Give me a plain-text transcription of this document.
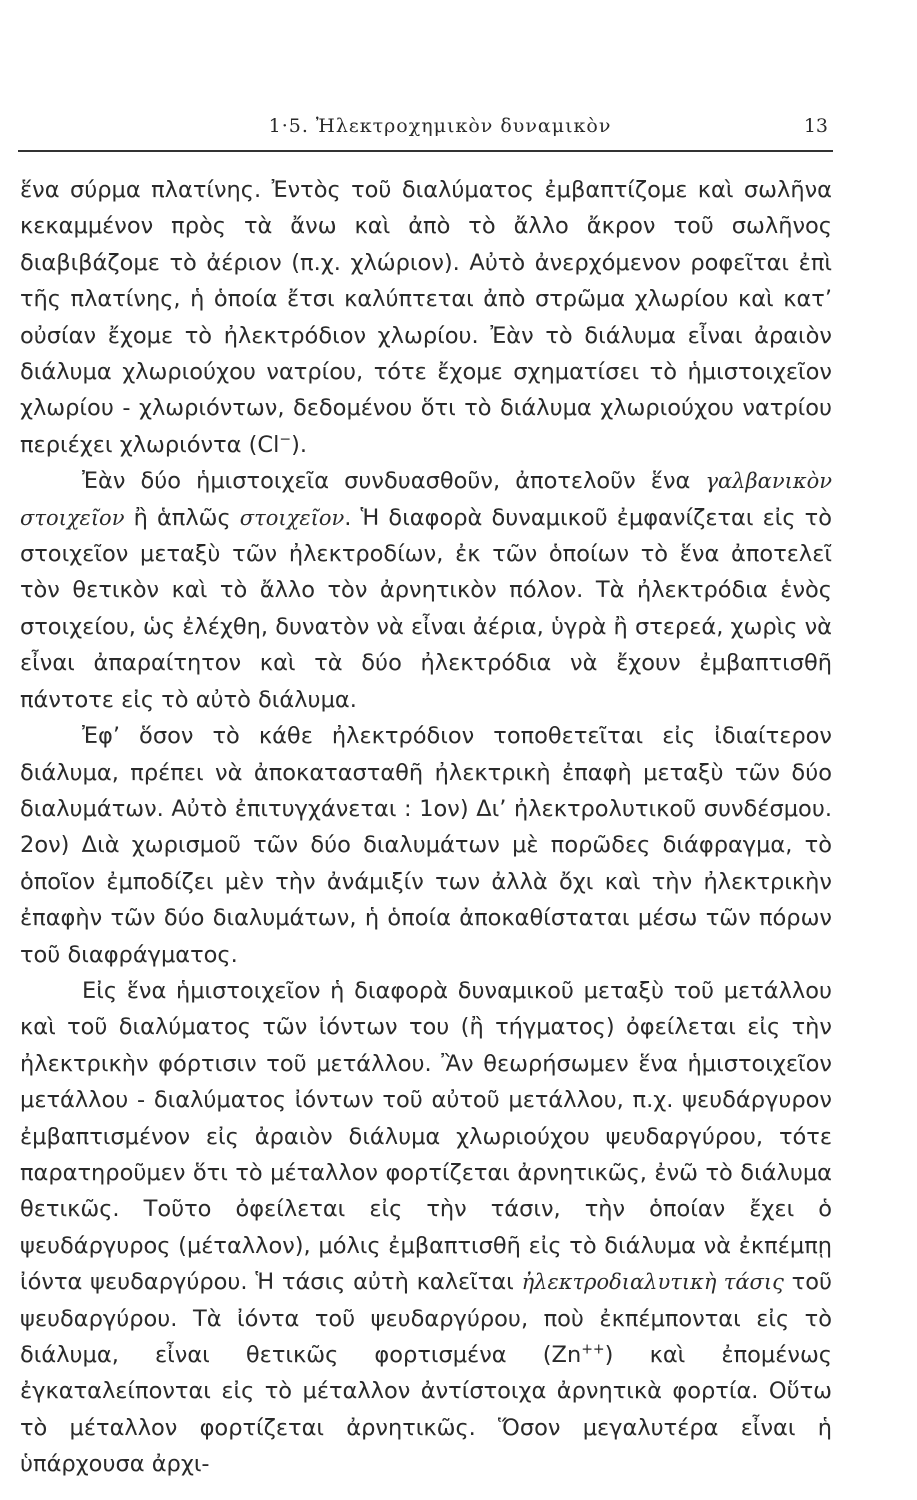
1·5. Ἠλεκτροχημικὸν δυναμικὸν	13

ἕνα σύρμα πλατίνης. Ἐντὸς τοῦ διαλύματος ἐμβαπτίζομε καὶ σωλῆνα κεκαμμένον πρὸς τὰ ἄνω καὶ ἀπὸ τὸ ἄλλο ἄκρον τοῦ σωλῆνος διαβιβάζομε τὸ ἀέριον (π.χ. χλώριον). Αὐτὸ ἀνερχόμενον ροφεῖται ἐπὶ τῆς πλατίνης, ἡ ὁποία ἔτσι καλύπτεται ἀπὸ στρῶμα χλωρίου καὶ κατ’ οὐσίαν ἔχομε τὸ ἠλεκτρόδιον χλωρίου. Ἐὰν τὸ διάλυμα εἶναι ἀραιὸν διάλυμα χλωριούχου νατρίου, τότε ἔχομε σχηματίσει τὸ ἡμιστοιχεῖον χλωρίου - χλωριόντων, δεδομένου ὅτι τὸ διάλυμα χλωριούχου νατρίου περιέχει χλωριόντα (Cl−).

Ἐὰν δύο ἡμιστοιχεῖα συνδυασθοῦν, ἀποτελοῦν ἕνα γαλβανικὸν στοιχεῖον ἢ ἁπλῶς στοιχεῖον. Ἡ διαφορὰ δυναμικοῦ ἐμφανίζεται εἰς τὸ στοιχεῖον μεταξὺ τῶν ἠλεκτροδίων, ἐκ τῶν ὁποίων τὸ ἕνα ἀποτελεῖ τὸν θετικὸν καὶ τὸ ἄλλο τὸν ἀρνητικὸν πόλον. Τὰ ἠλεκτρόδια ἑνὸς στοιχείου, ὡς ἐλέχθη, δυνατὸν νὰ εἶναι ἀέρια, ὑγρὰ ἢ στερεά, χωρὶς νὰ εἶναι ἀπαραίτητον καὶ τὰ δύο ἠλεκτρόδια νὰ ἔχουν ἐμβαπτισθῆ πάντοτε εἰς τὸ αὐτὸ διάλυμα.

Ἐφ’ ὅσον τὸ κάθε ἠλεκτρόδιον τοποθετεῖται εἰς ἰδιαίτερον διάλυμα, πρέπει νὰ ἀποκατασταθῆ ἠλεκτρικὴ ἐπαφὴ μεταξὺ τῶν δύο διαλυμάτων. Αὐτὸ ἐπιτυγχάνεται : 1ον) Δι’ ἠλεκτρολυτικοῦ συνδέσμου. 2ον) Διὰ χωρισμοῦ τῶν δύο διαλυμάτων μὲ πορῶδες διάφραγμα, τὸ ὁποῖον ἐμποδίζει μὲν τὴν ἀνάμιξίν των ἀλλὰ ὄχι καὶ τὴν ἠλεκτρικὴν ἐπαφὴν τῶν δύο διαλυμάτων, ἡ ὁποία ἀποκαθίσταται μέσω τῶν πόρων τοῦ διαφράγματος.

Εἰς ἕνα ἡμιστοιχεῖον ἡ διαφορὰ δυναμικοῦ μεταξὺ τοῦ μετάλλου καὶ τοῦ διαλύματος τῶν ἰόντων του (ἢ τήγματος) ὀφείλεται εἰς τὴν ἠλεκτρικὴν φόρτισιν τοῦ μετάλλου. Ἂν θεωρήσωμεν ἕνα ἡμιστοιχεῖον μετάλλου - διαλύματος ἰόντων τοῦ αὐτοῦ μετάλλου, π.χ. ψευδάργυρον ἐμβαπτισμένον εἰς ἀραιὸν διάλυμα χλωριούχου ψευδαργύρου, τότε παρατηροῦμεν ὅτι τὸ μέταλλον φορτίζεται ἀρνητικῶς, ἐνῶ τὸ διάλυμα θετικῶς. Τοῦτο ὀφείλεται εἰς τὴν τάσιν, τὴν ὁποίαν ἔχει ὁ ψευδάργυρος (μέταλλον), μόλις ἐμβαπτισθῆ εἰς τὸ διάλυμα νὰ ἐκπέμπῃ ἰόντα ψευδαργύρου. Ἡ τάσις αὐτὴ καλεῖται ἠλεκτροδιαλυτικὴ τάσις τοῦ ψευδαργύρου. Τὰ ἰόντα τοῦ ψευδαργύρου, ποὺ ἐκπέμπονται εἰς τὸ διάλυμα, εἶναι θετικῶς φορτισμένα (Zn++) καὶ ἐπομένως ἐγκαταλείπονται εἰς τὸ μέταλλον ἀντίστοιχα ἀρνητικὰ φορτία. Οὕτω τὸ μέταλλον φορτίζεται ἀρνητικῶς. Ὅσον μεγαλυτέρα εἶναι ἡ ὑπάρχουσα ἀρχι-
